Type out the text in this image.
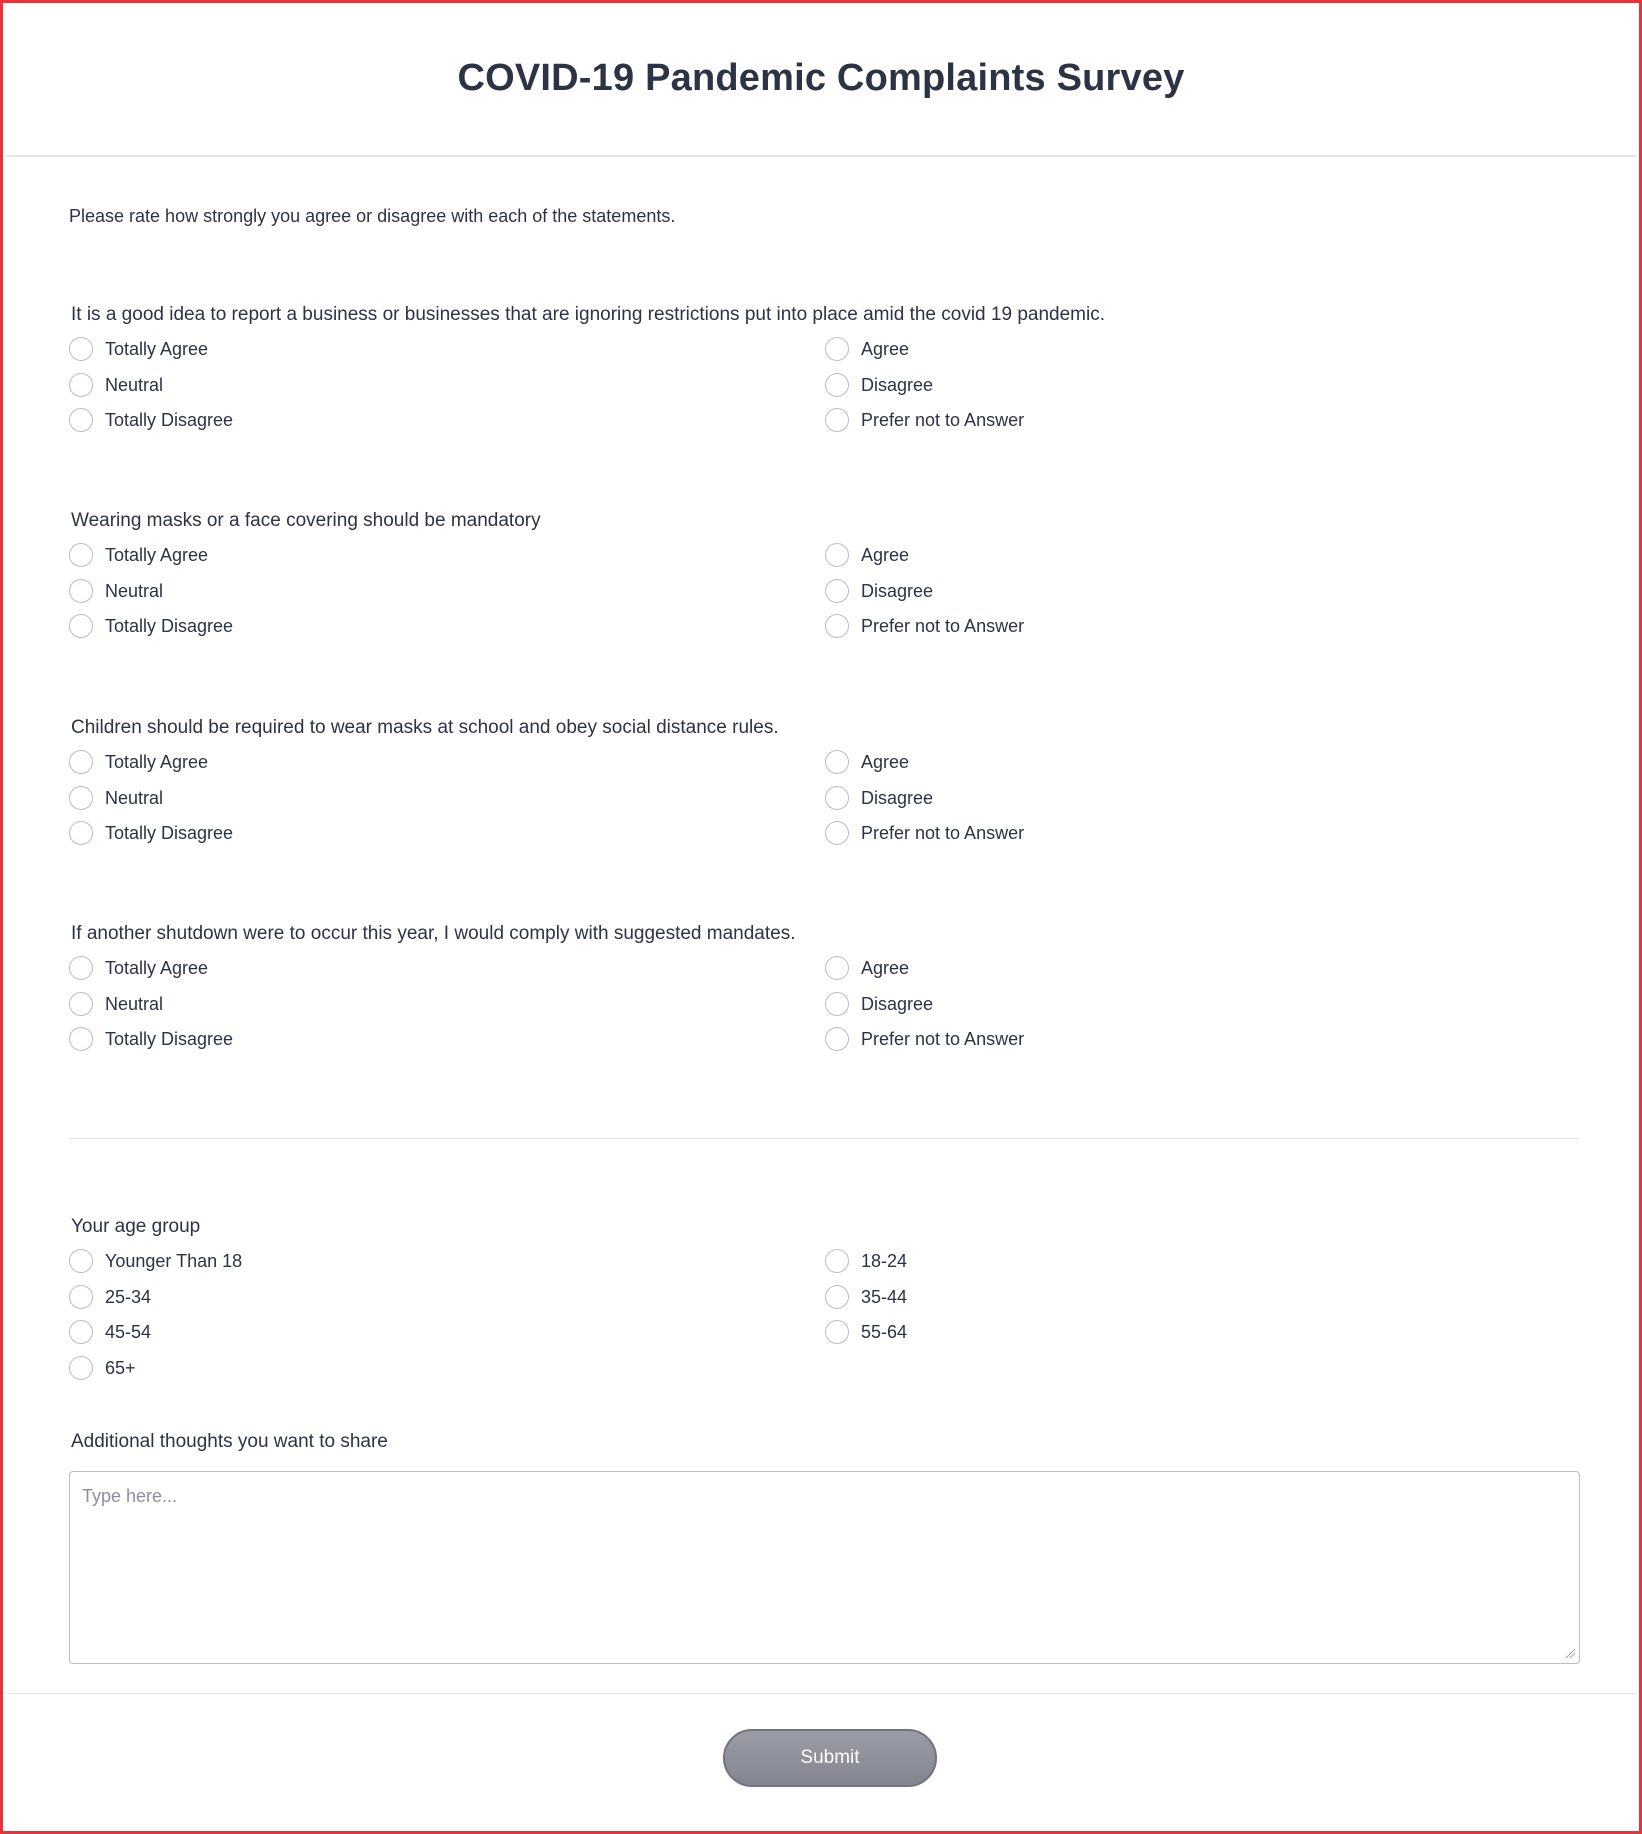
COVID-19 Pandemic Complaints Survey
Please rate how strongly you agree or disagree with each of the statements.
It is a good idea to report a business or businesses that are ignoring restrictions put into place amid the covid 19 pandemic.
Totally Agree	Agree
Neutral	Disagree
Totally Disagree	Prefer not to Answer
Wearing masks or a face covering should be mandatory
Totally Agree	Agree
Neutral	Disagree
Totally Disagree	Prefer not to Answer
Children should be required to wear masks at school and obey social distance rules.
Totally Agree	Agree
Neutral	Disagree
Totally Disagree	Prefer not to Answer
If another shutdown were to occur this year, I would comply with suggested mandates.
Totally Agree	Agree
Neutral	Disagree
Totally Disagree	Prefer not to Answer
Your age group
Younger Than 18	18-24
25-34	35-44
45-54	55-64
65+
Additional thoughts you want to share
Type here...
Submit
